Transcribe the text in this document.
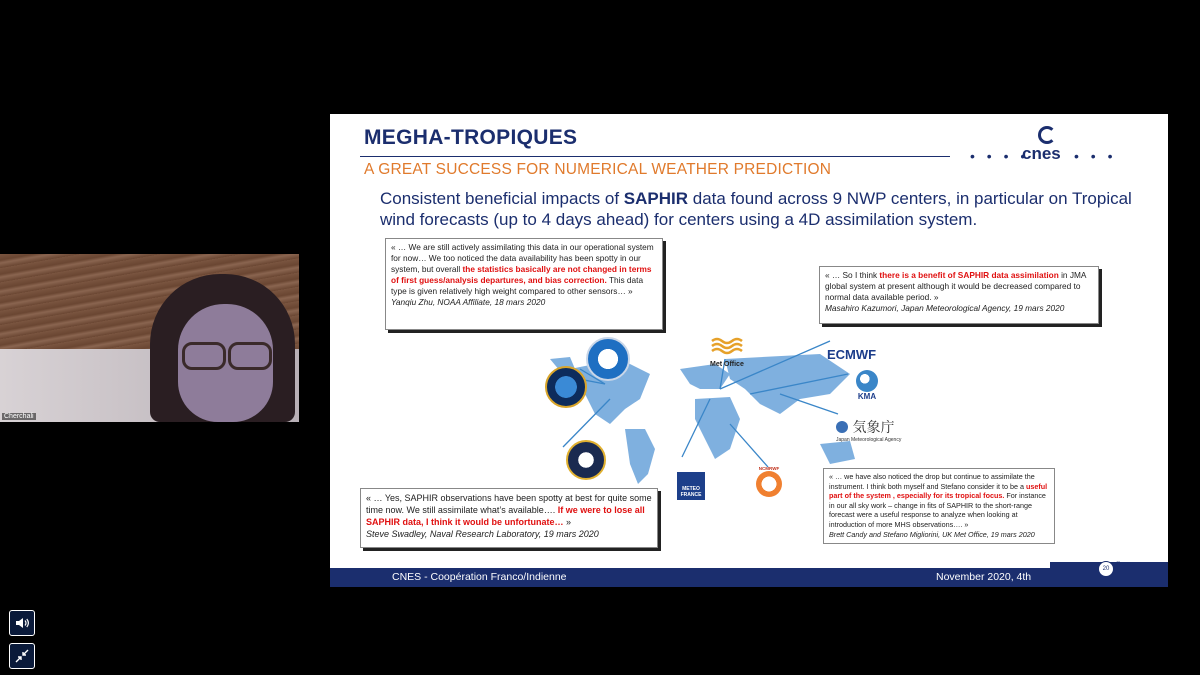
Cherchali
MEGHA-TROPIQUES
A GREAT SUCCESS FOR NUMERICAL WEATHER PREDICTION
• • • •
cnes • • •
Consistent beneficial impacts of SAPHIR data found across 9 NWP centers, in particular on Tropical wind forecasts (up to 4 days ahead) for centers using a 4D assimilation system.
« … We are still actively assimilating this data in our operational system for now… We too noticed the data availability has been spotty in our system, but overall the statistics basically are not changed in terms of first guess/analysis departures, and bias correction. This data type is given relatively high weight compared to other sensors… »
Yanqiu Zhu, NOAA Affiliate, 18 mars 2020
« … So I think there is a benefit of SAPHIR data assimilation in JMA global system at present although it would be decreased compared to normal data available period. »
Masahiro Kazumori, Japan Meteorological Agency, 19 mars 2020
« … we have also noticed the drop but continue to assimilate the instrument. I think both myself and Stefano consider it to be a useful part of the system , especially for its tropical focus. For instance in our all sky work – change in fits of SAPHIR to the short-range forecast were a useful response to analyze when looking at introduction of more MHS observations…. »
Brett Candy and Stefano Migliorini, UK Met Office, 19 mars 2020
« … Yes, SAPHIR observations have been spotty at best for quite some time now. We still assimilate what’s available…. If we were to lose all SAPHIR data, I think it would be unfortunate… »
Steve Swadley, Naval Research Laboratory, 19 mars 2020
Met Office
ECMWF
KMA
気象庁
Japan Meteorological Agency
METEO FRANCE
NCMRWF
CNES - Coopération Franco/Indienne	November 2020, 4th
20
© cnes
